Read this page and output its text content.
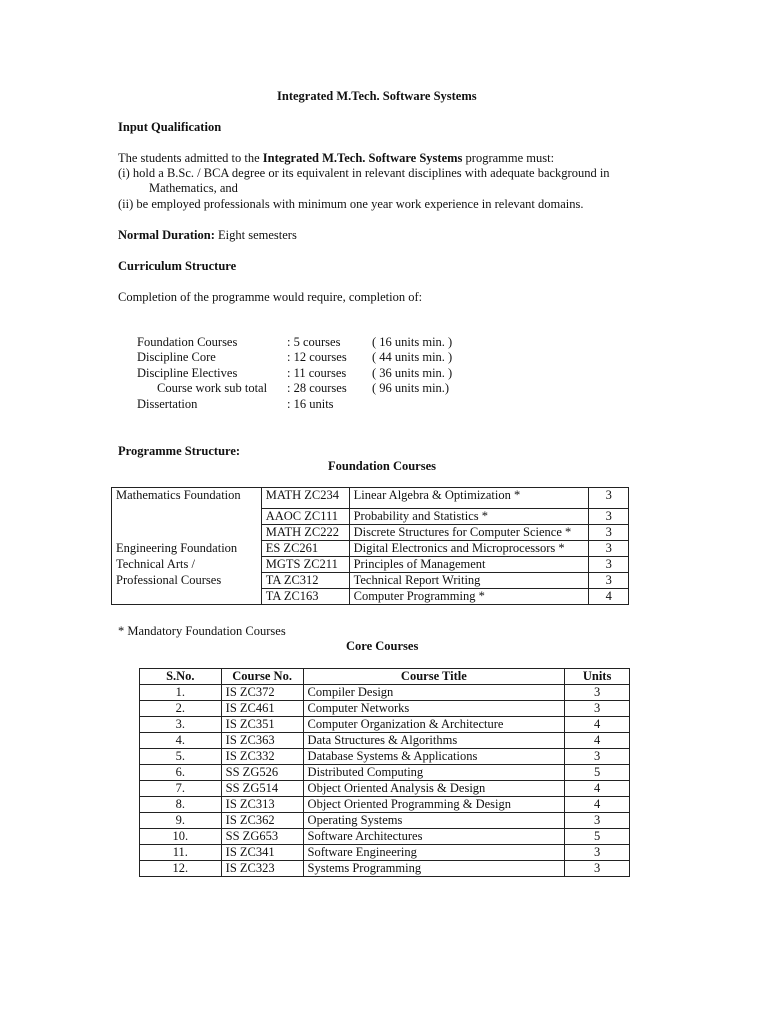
Integrated M.Tech. Software Systems
Input Qualification
The students admitted to the Integrated M.Tech. Software Systems programme must:
(i) hold a B.Sc. / BCA degree or its equivalent in relevant disciplines with adequate background in
Mathematics, and
(ii) be employed professionals with minimum one year work experience in relevant domains.
Normal Duration: Eight semesters
Curriculum Structure
Completion of the programme would require, completion of:
Foundation Courses	: 5 courses	( 16 units min. )
Discipline Core	: 12 courses ( 44 units min. )
Discipline Electives	: 11 courses ( 36 units min. )
Course work sub total : 28 courses ( 96 units min.)
Dissertation	: 16 units
Programme Structure:
Foundation Courses
Mathematics Foundation	MATH ZC234	Linear Algebra & Optimization *	3
	AAOC ZC111	Probability and Statistics *	3
	MATH ZC222	Discrete Structures for Computer Science *	3
Engineering Foundation	ES ZC261	Digital Electronics and Microprocessors *	3
Technical Arts /	MGTS ZC211	Principles of Management	3
Professional Courses	TA ZC312	Technical Report Writing	3
	TA ZC163	Computer Programming *	4
* Mandatory Foundation Courses
Core Courses
S.No.	Course No.	Course Title	Units
1.	IS ZC372	Compiler Design	3
2.	IS ZC461	Computer Networks	3
3.	IS ZC351	Computer Organization & Architecture	4
4.	IS ZC363	Data Structures & Algorithms	4
5.	IS ZC332	Database Systems & Applications	3
6.	SS ZG526	Distributed Computing	5
7.	SS ZG514	Object Oriented Analysis & Design	4
8.	IS ZC313	Object Oriented Programming & Design	4
9.	IS ZC362	Operating Systems	3
10.	SS ZG653	Software Architectures	5
11.	IS ZC341	Software Engineering	3
12.	IS ZC323	Systems Programming	3
